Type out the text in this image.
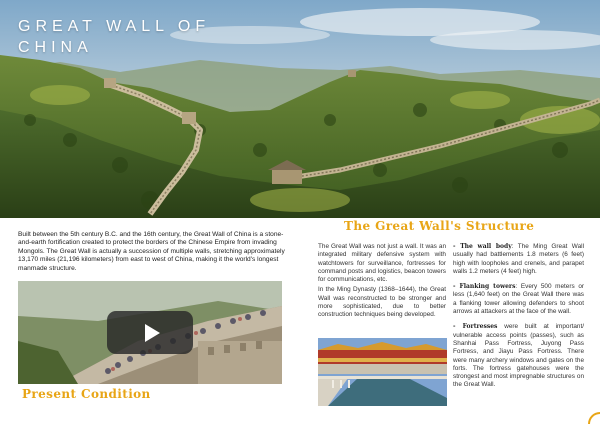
GREAT WALL OF CHINA

Built between the 5th century B.C. and the 16th century, the Great Wall of China is a stone-and-earth fortification created to protect the borders of the Chinese Empire from invading Mongols. The Great Wall is actually a succession of multiple walls, stretching approximately 13,170 miles (21,196 kilometers) from east to west of China, making it the world's longest manmade structure.

Present Condition
The Great Wall's Structure

The Great Wall was not just a wall. It was an integrated military defensive system with watchtowers for surveillance, fortresses for command posts and logistics, beacon towers for communications, etc.

In the Ming Dynasty (1368–1644), the Great Wall was reconstructed to be stronger and more sophisticated, due to better construction techniques being developed.

- The wall body: The Ming Great Wall usually had battlements 1.8 meters (6 feet) high with loopholes and crenels, and parapet walls 1.2 meters (4 feet) high.

- Flanking towers: Every 500 meters or less (1,640 feet) on the Great Wall there was a flanking tower allowing defenders to shoot arrows at attackers at the face of the wall.

- Fortresses were built at important/ vulnerable access points (passes), such as Shanhai Pass Fortress, Juyong Pass Fortress, and Jiayu Pass Fortress. There were many archery windows and gates on the forts. The fortress gatehouses were the strongest and most impregnable structures on the Great Wall.
